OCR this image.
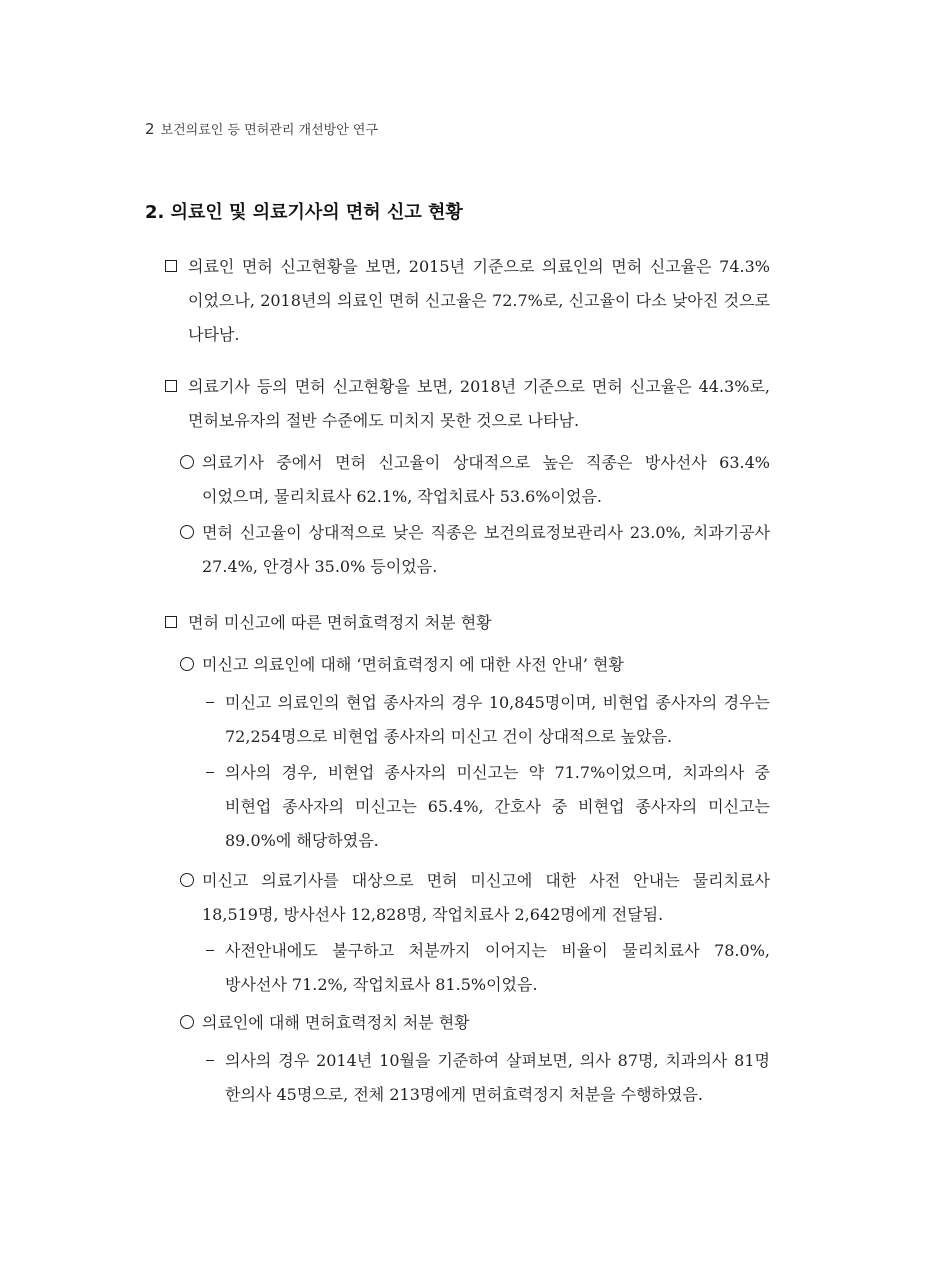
2 보건의료인 등 면허관리 개선방안 연구
2. 의료인 및 의료기사의 면허 신고 현황
의료인 면허 신고현황을 보면, 2015년 기준으로 의료인의 면허 신고율은 74.3%이었으나, 2018년의 의료인 면허 신고율은 72.7%로, 신고율이 다소 낮아진 것으로 나타남.
의료기사 등의 면허 신고현황을 보면, 2018년 기준으로 면허 신고율은 44.3%로, 면허보유자의 절반 수준에도 미치지 못한 것으로 나타남.
의료기사 중에서 면허 신고율이 상대적으로 높은 직종은 방사선사 63.4%이었으며, 물리치료사 62.1%, 작업치료사 53.6%이었음.
면허 신고율이 상대적으로 낮은 직종은 보건의료정보관리사 23.0%, 치과기공사 27.4%, 안경사 35.0% 등이었음.
면허 미신고에 따른 면허효력정지 처분 현황
미신고 의료인에 대해 ‘면허효력정지 에 대한 사전 안내’ 현황
미신고 의료인의 현업 종사자의 경우 10,845명이며, 비현업 종사자의 경우는 72,254명으로 비현업 종사자의 미신고 건이 상대적으로 높았음.
의사의 경우, 비현업 종사자의 미신고는 약 71.7%이었으며, 치과의사 중 비현업 종사자의 미신고는 65.4%, 간호사 중 비현업 종사자의 미신고는 89.0%에 해당하였음.
미신고 의료기사를 대상으로 면허 미신고에 대한 사전 안내는 물리치료사 18,519명, 방사선사 12,828명, 작업치료사 2,642명에게 전달됨.
사전안내에도 불구하고 처분까지 이어지는 비율이 물리치료사 78.0%, 방사선사 71.2%, 작업치료사 81.5%이었음.
의료인에 대해 면허효력정치 처분 현황
의사의 경우 2014년 10월을 기준하여 살펴보면, 의사 87명, 치과의사 81명 한의사 45명으로, 전체 213명에게 면허효력정지 처분을 수행하였음.
